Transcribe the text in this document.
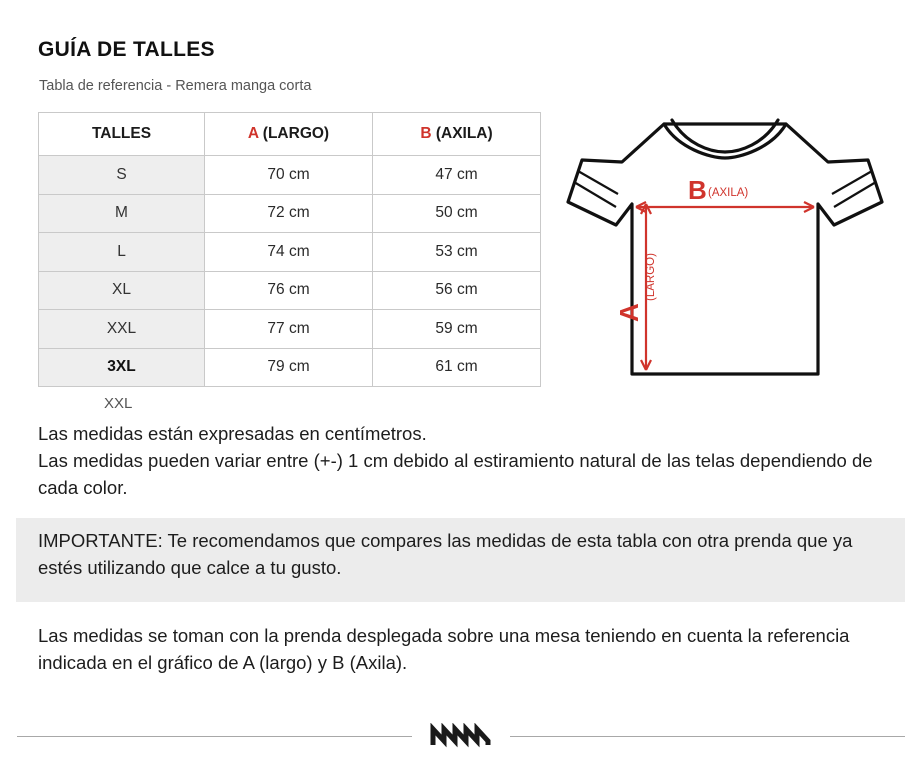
GUÍA DE TALLES
Tabla de referencia - Remera manga corta
TALLES	A (LARGO)	B (AXILA)
S	70 cm	47 cm
M	72 cm	50 cm
L	74 cm	53 cm
XL	76 cm	56 cm
XXL	77 cm	59 cm
3XL	79 cm	61 cm
XXL
B (AXILA)
A
(LARGO)
Las medidas están expresadas en centímetros.
Las medidas pueden variar entre (+-) 1 cm debido al estiramiento natural de las telas dependiendo de cada color.
IMPORTANTE: Te recomendamos que compares las medidas de esta tabla con otra prenda que ya estés utilizando que calce a tu gusto.
Las medidas se toman con la prenda desplegada sobre una mesa teniendo en cuenta la referencia indicada en el gráfico de A (largo) y B (Axila).
